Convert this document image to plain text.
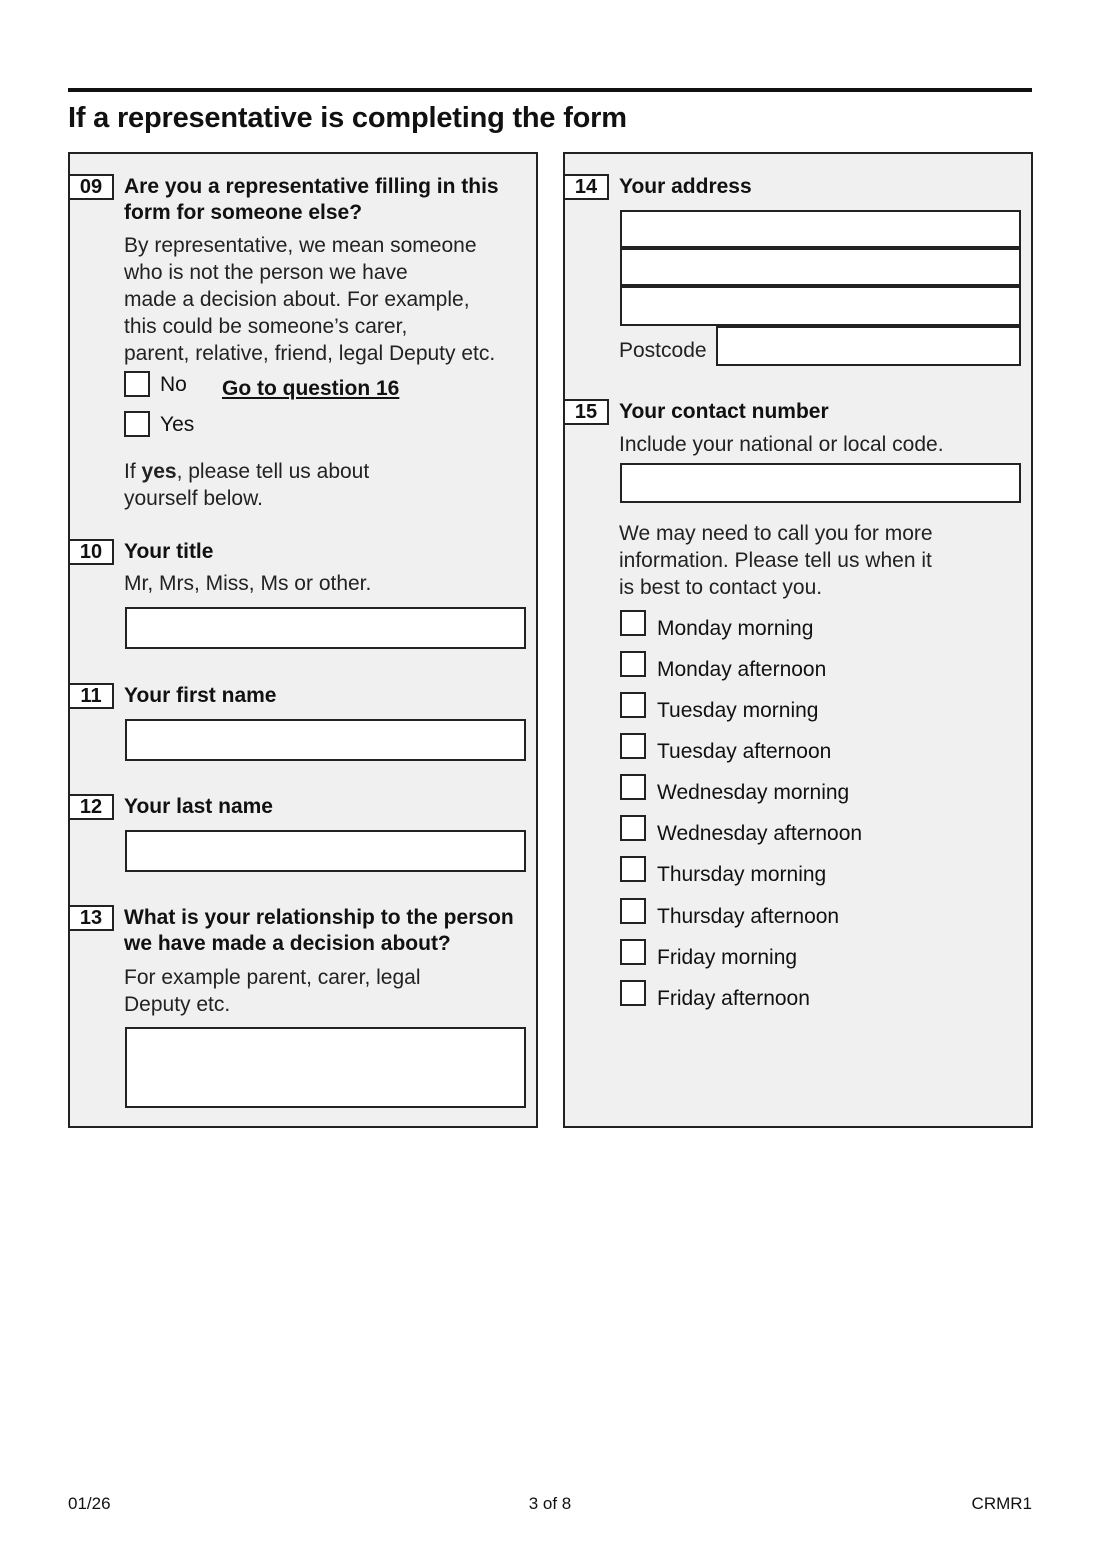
If a representative is completing the form
09	Are you a representative filling in this
form for someone else?
By representative, we mean someone
who is not the person we have
made a decision about. For example,
this could be someone’s carer,
parent, relative, friend, legal Deputy etc.
No Go to question 16
Yes
If yes, please tell us about
yourself below.
10	Your title
Mr, Mrs, Miss, Ms or other.
11	Your first name
12	Your last name
13	What is your relationship to the person
we have made a decision about?
For example parent, carer, legal
Deputy etc.
14	Your address
Postcode
15	Your contact number
Include your national or local code.
We may need to call you for more
information. Please tell us when it
is best to contact you.
Monday morning
Monday afternoon
Tuesday morning
Tuesday afternoon
Wednesday morning
Wednesday afternoon
Thursday morning
Thursday afternoon
Friday morning
Friday afternoon
01/26	3 of 8	CRMR1
